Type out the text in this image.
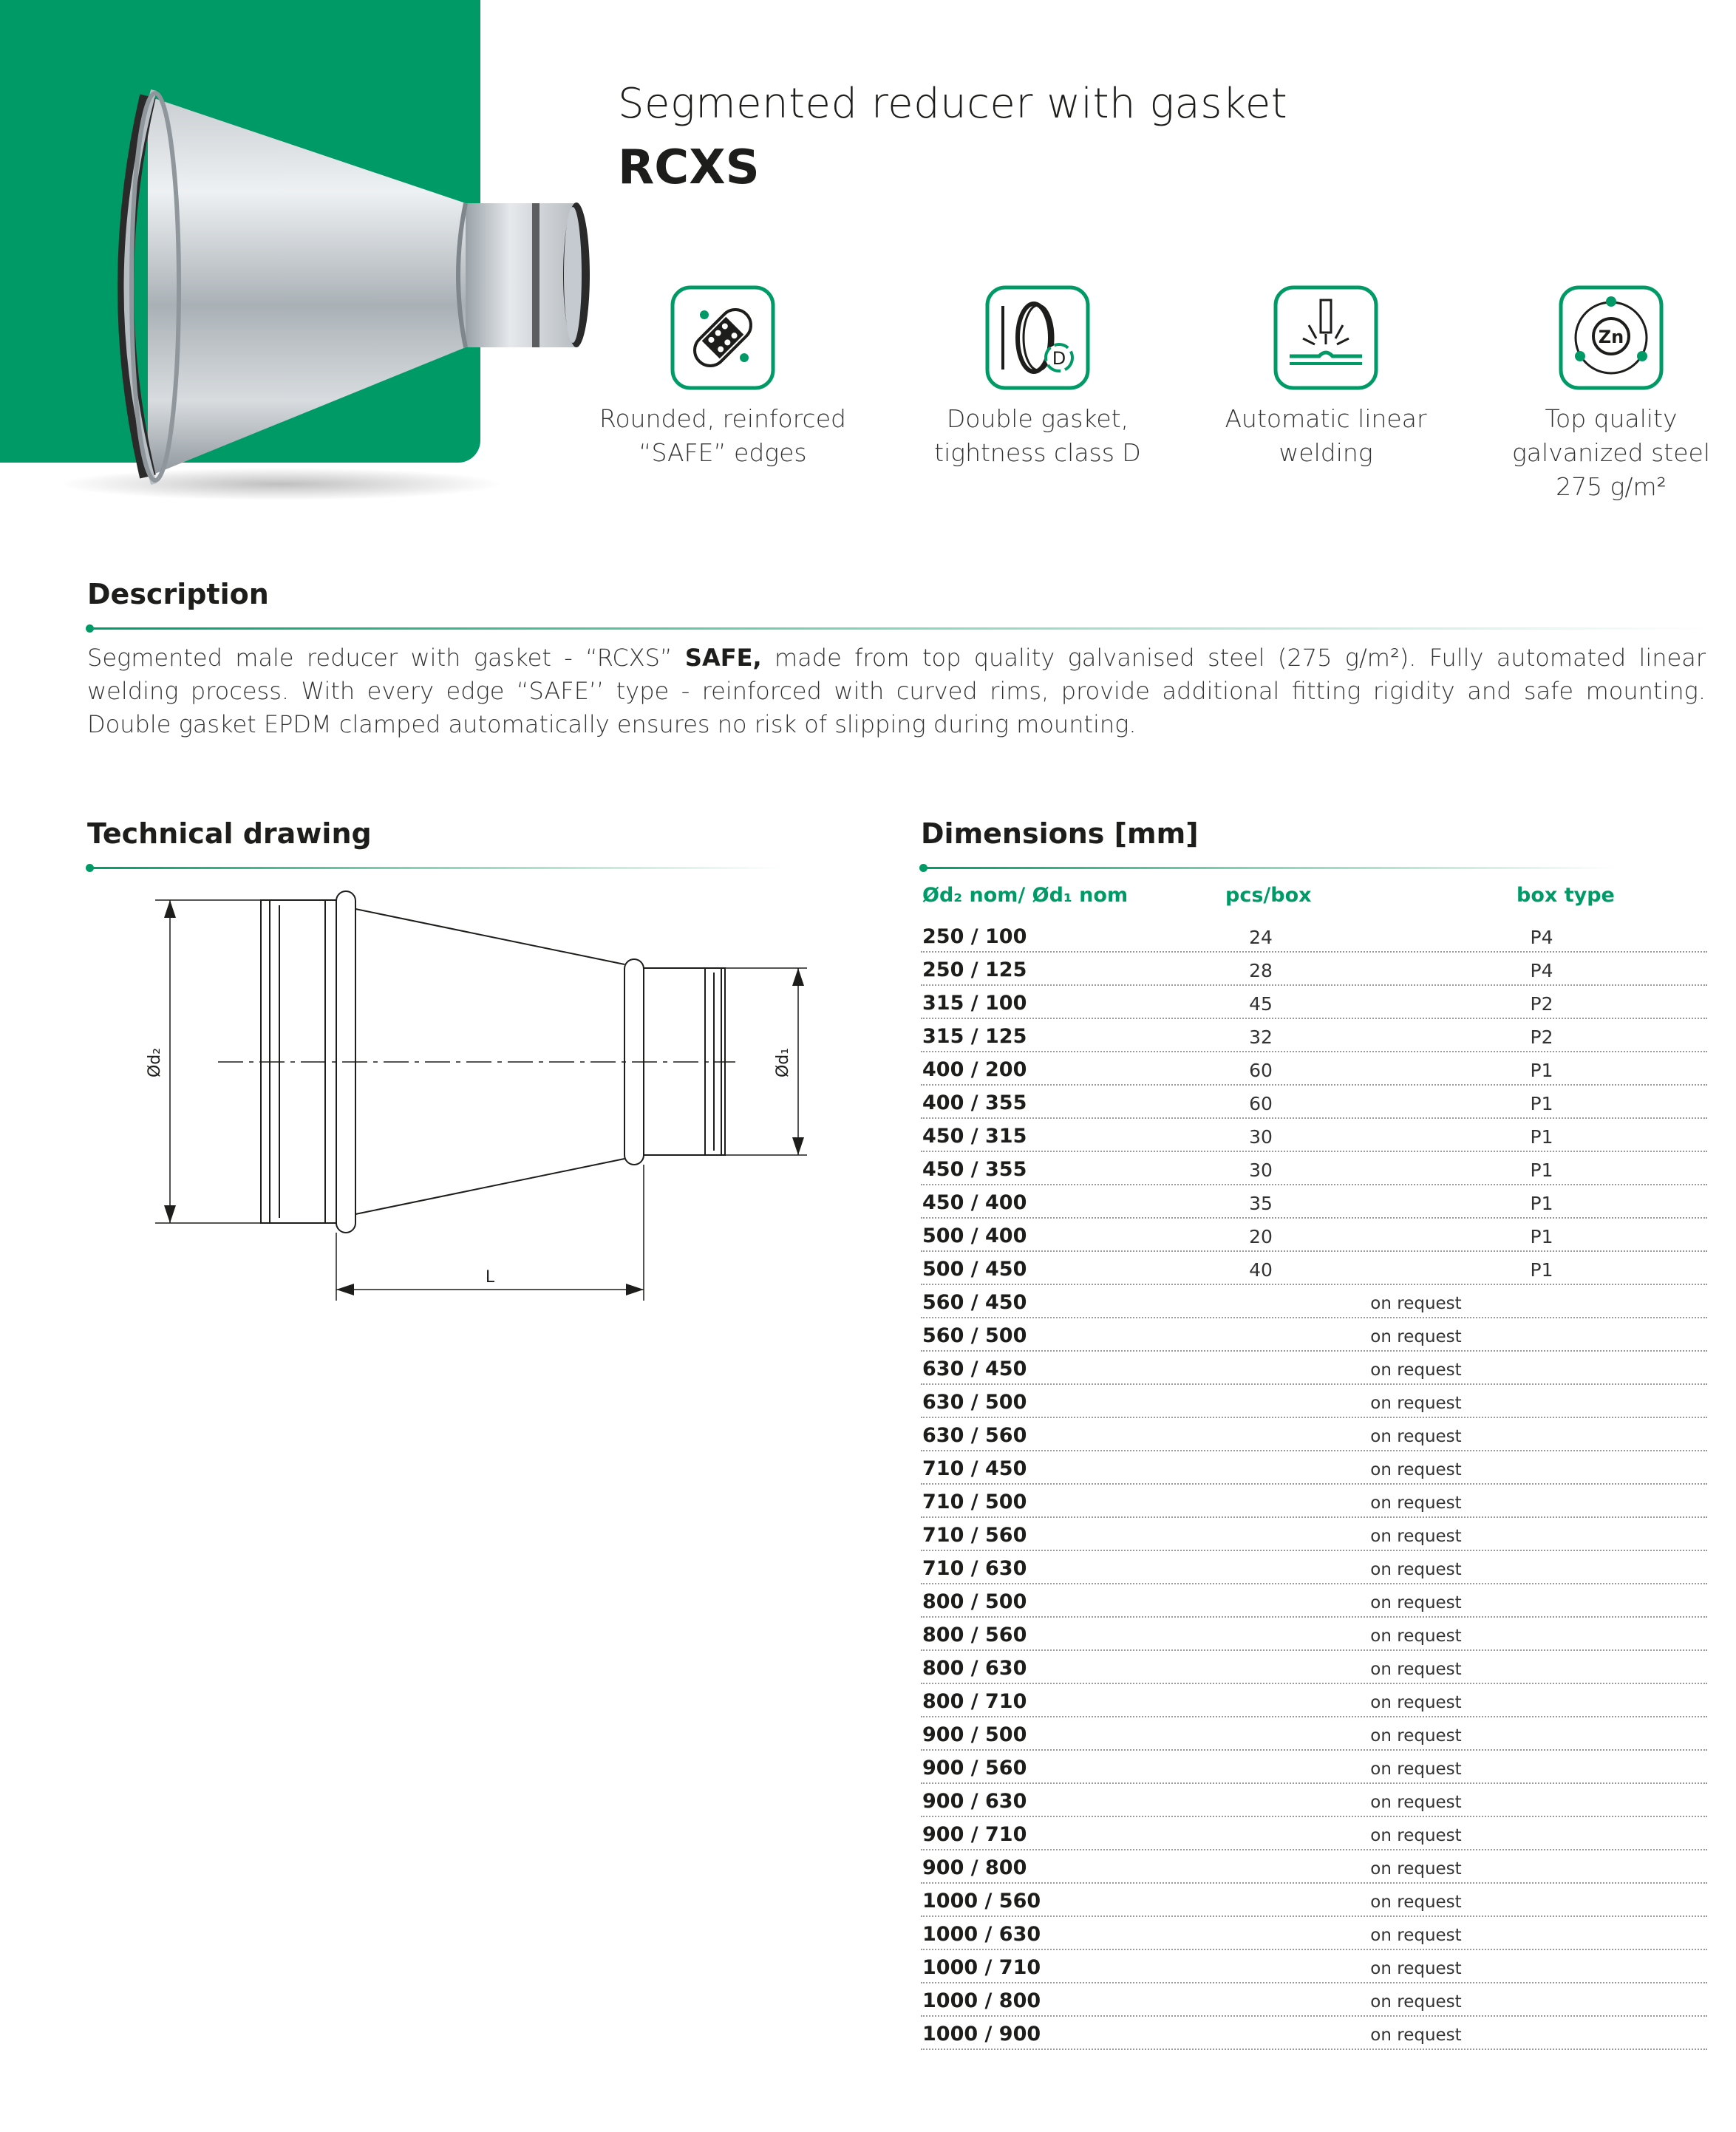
Segmented reducer with gasket
RCXS
Rounded, reinforced
“SAFE” edges
D
Double gasket,
tightness class D
Automatic linear
welding
Zn
Top quality
galvanized steel
275 g/m²
Description
Segmented male reducer with gasket - “RCXS” SAFE, made from top quality galvanised steel (275 g/m²). Fully automated linear welding process. With every edge “SAFE’’ type - reinforced with curved rims, provide additional fitting rigidity and safe mounting. Double gasket EPDM clamped automatically ensures no risk of slipping during mounting.
Technical drawing
Ød₂	Ød₁
L
Dimensions [mm]
Ød₂ nom/ Ød₁ nom	pcs/box	box type
250 / 100	24	P4
250 / 125	28	P4
315 / 100	45	P2
315 / 125	32	P2
400 / 200	60	P1
400 / 355	60	P1
450 / 315	30	P1
450 / 355	30	P1
450 / 400	35	P1
500 / 400	20	P1
500 / 450	40	P1
560 / 450	on request
560 / 500	on request
630 / 450	on request
630 / 500	on request
630 / 560	on request
710 / 450	on request
710 / 500	on request
710 / 560	on request
710 / 630	on request
800 / 500	on request
800 / 560	on request
800 / 630	on request
800 / 710	on request
900 / 500	on request
900 / 560	on request
900 / 630	on request
900 / 710	on request
900 / 800	on request
1000 / 560	on request
1000 / 630	on request
1000 / 710	on request
1000 / 800	on request
1000 / 900	on request
